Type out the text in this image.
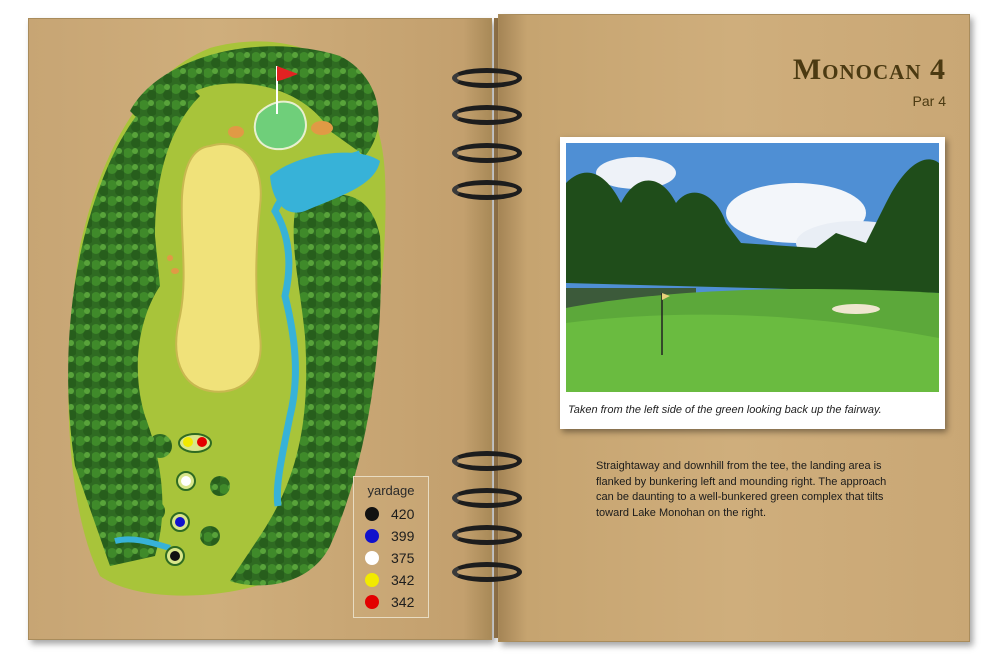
yardage
420
399
375
342
342
Monocan 4
Par 4
Taken from the left side of the green looking back up the fairway.
Straightaway and downhill from the tee, the landing area is flanked by bunkering left and mounding right. The approach can be daunting to a well-bunkered green complex that tilts toward Lake Monohan on the right.
